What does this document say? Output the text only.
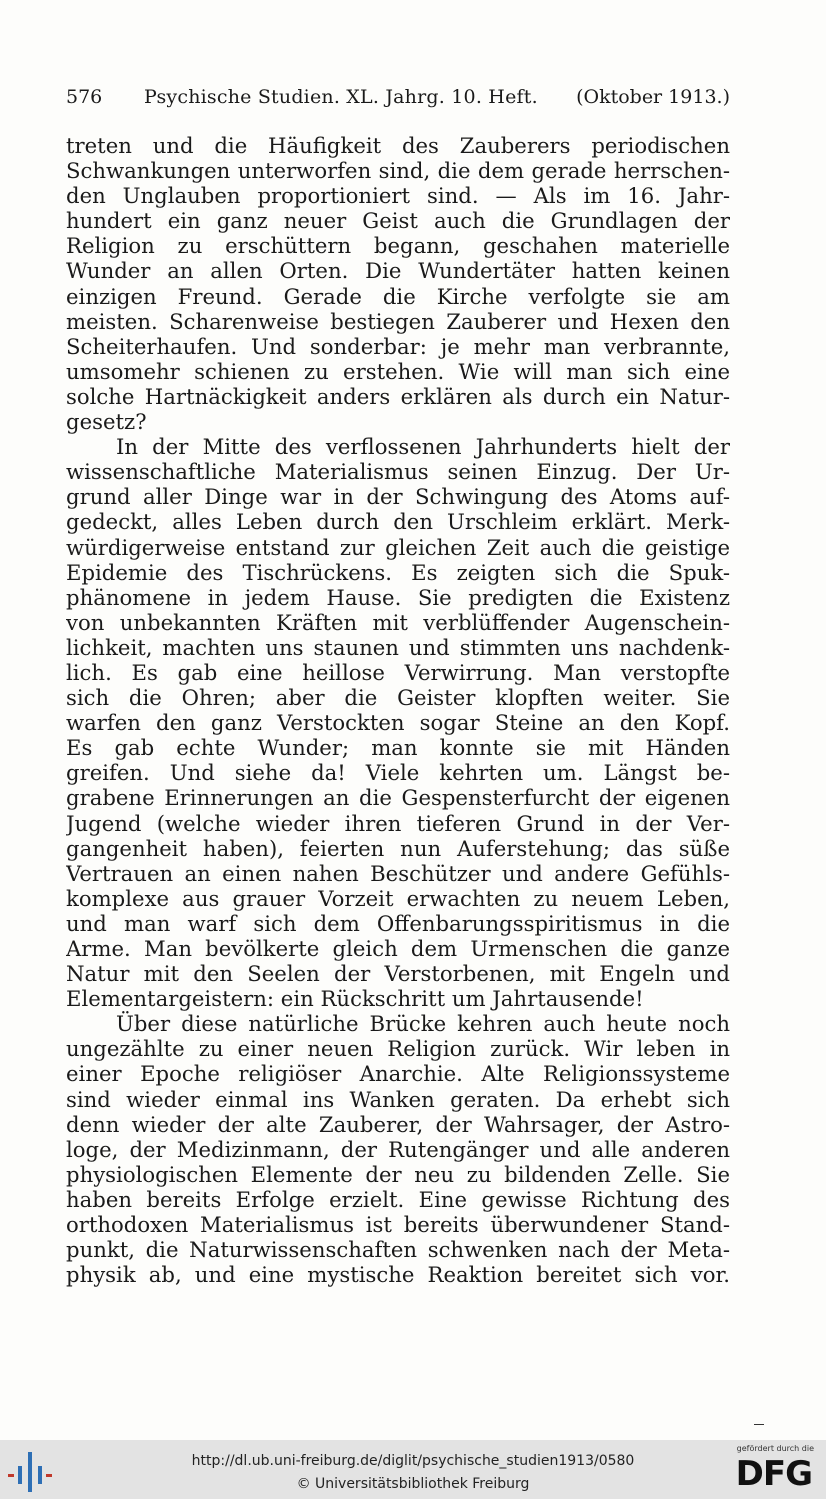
576 Psychische Studien. XL. Jahrg. 10. Heft. (Oktober 1913.)
treten und die Häufigkeit des Zauberers periodischen
Schwankungen unterworfen sind, die dem gerade herrschen-
den Unglauben proportioniert sind. — Als im 16. Jahr-
hundert ein ganz neuer Geist auch die Grundlagen der
Religion zu erschüttern begann, geschahen materielle
Wunder an allen Orten. Die Wundertäter hatten keinen
einzigen Freund. Gerade die Kirche verfolgte sie am
meisten. Scharenweise bestiegen Zauberer und Hexen den
Scheiterhaufen. Und sonderbar: je mehr man verbrannte,
umsomehr schienen zu erstehen. Wie will man sich eine
solche Hartnäckigkeit anders erklären als durch ein Natur-
gesetz?
In der Mitte des verflossenen Jahrhunderts hielt der
wissenschaftliche Materialismus seinen Einzug. Der Ur-
grund aller Dinge war in der Schwingung des Atoms auf-
gedeckt, alles Leben durch den Urschleim erklärt. Merk-
würdigerweise entstand zur gleichen Zeit auch die geistige
Epidemie des Tischrückens. Es zeigten sich die Spuk-
phänomene in jedem Hause. Sie predigten die Existenz
von unbekannten Kräften mit verblüffender Augenschein-
lichkeit, machten uns staunen und stimmten uns nachdenk-
lich. Es gab eine heillose Verwirrung. Man verstopfte
sich die Ohren; aber die Geister klopften weiter. Sie
warfen den ganz Verstockten sogar Steine an den Kopf.
Es gab echte Wunder; man konnte sie mit Händen
greifen. Und siehe da! Viele kehrten um. Längst be-
grabene Erinnerungen an die Gespensterfurcht der eigenen
Jugend (welche wieder ihren tieferen Grund in der Ver-
gangenheit haben), feierten nun Auferstehung; das süße
Vertrauen an einen nahen Beschützer und andere Gefühls-
komplexe aus grauer Vorzeit erwachten zu neuem Leben,
und man warf sich dem Offenbarungsspiritismus in die
Arme. Man bevölkerte gleich dem Urmenschen die ganze
Natur mit den Seelen der Verstorbenen, mit Engeln und
Elementargeistern: ein Rückschritt um Jahrtausende!
Über diese natürliche Brücke kehren auch heute noch
ungezählte zu einer neuen Religion zurück. Wir leben in
einer Epoche religiöser Anarchie. Alte Religionssysteme
sind wieder einmal ins Wanken geraten. Da erhebt sich
denn wieder der alte Zauberer, der Wahrsager, der Astro-
loge, der Medizinmann, der Rutengänger und alle anderen
physiologischen Elemente der neu zu bildenden Zelle. Sie
haben bereits Erfolge erzielt. Eine gewisse Richtung des
orthodoxen Materialismus ist bereits überwundener Stand-
punkt, die Naturwissenschaften schwenken nach der Meta-
physik ab, und eine mystische Reaktion bereitet sich vor.
http://dl.ub.uni-freiburg.de/diglit/psychische_studien1913/0580
© Universitätsbibliothek Freiburg
gefördert durch die
DFG
